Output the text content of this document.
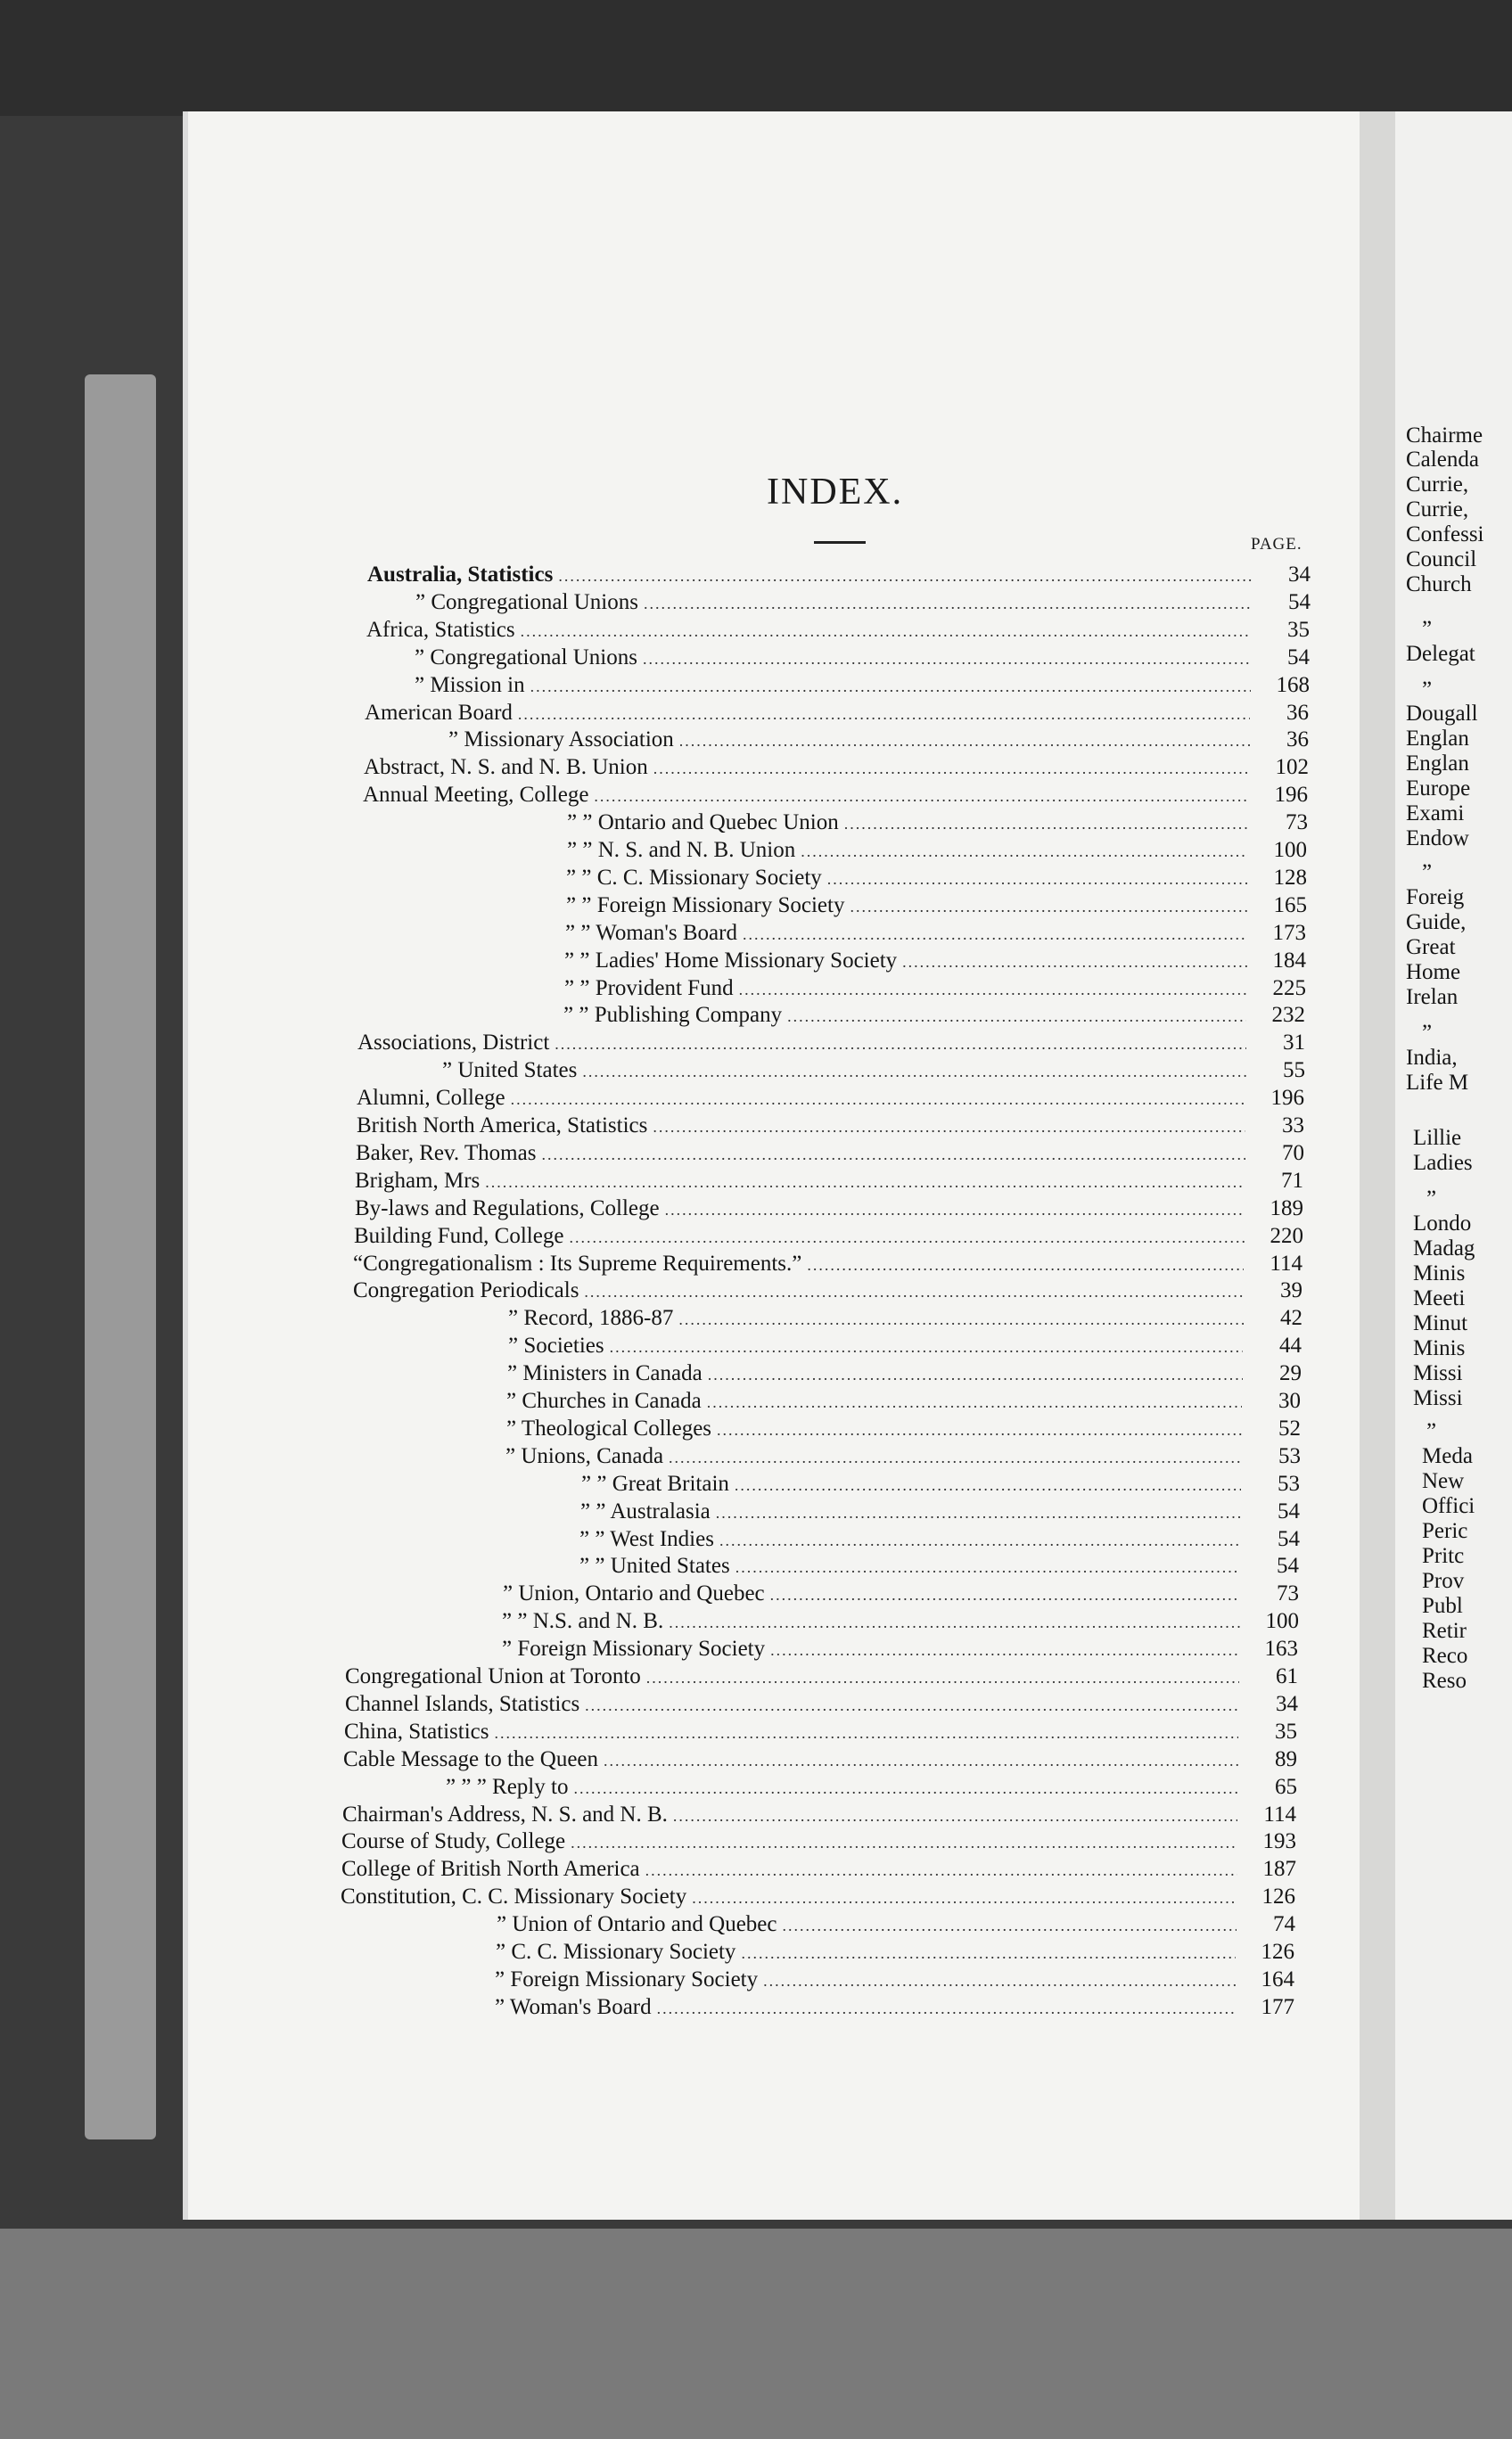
Chairme
Calenda
Currie,
Currie,
Confessi
Council
Church
”
Delegat
”
Dougall
Englan
Englan
Europe
Exami
Endow
”
Foreig
Guide,
Great
Home
Irelan
”
India,
Life M
Lillie
Ladies
”
Londo
Madag
Minis
Meeti
Minut
Minis
Missi
Missi
”
Meda
New
Offici
Peric
Pritc
Prov
Publ
Retir
Reco
Reso
INDEX.
PAGE.
Australia, Statistics .....	34
” Congregational Unions .....	54
Africa, Statistics .....	35
” Congregational Unions .....	54
” Mission in .....	168
American Board .....	36
” Missionary Association .....	36
Abstract, N. S. and N. B. Union .....	102
Annual Meeting, College .....	196
” ” Ontario and Quebec Union .....	73
” ” N. S. and N. B. Union .....	100
” ” C. C. Missionary Society .....	128
” ” Foreign Missionary Society .....	165
” ” Woman's Board .....	173
” ” Ladies' Home Missionary Society .....	184
” ” Provident Fund .....	225
” ” Publishing Company .....	232
Associations, District .....	31
” United States .....	55
Alumni, College .....	196
British North America, Statistics .....	33
Baker, Rev. Thomas .....	70
Brigham, Mrs .....	71
By-laws and Regulations, College .....	189
Building Fund, College .....	220
“Congregationalism : Its Supreme Requirements.” .....	114
Congregation Periodicals .....	39
” Record, 1886-87 .....	42
” Societies .....	44
” Ministers in Canada .....	29
” Churches in Canada .....	30
” Theological Colleges .....	52
” Unions, Canada .....	53
” ” Great Britain .....	53
” ” Australasia .....	54
” ” West Indies .....	54
” ” United States .....	54
” Union, Ontario and Quebec .....	73
” ” N.S. and N. B. .....	100
” Foreign Missionary Society .....	163
Congregational Union at Toronto .....	61
Channel Islands, Statistics .....	34
China, Statistics .....	35
Cable Message to the Queen .....	89
” ” ” Reply to .....	65
Chairman's Address, N. S. and N. B. .....	114
Course of Study, College .....	193
College of British North America .....	187
Constitution, C. C. Missionary Society .....	126
” Union of Ontario and Quebec .....	74
” C. C. Missionary Society .....	126
” Foreign Missionary Society .....	164
” Woman's Board .....	177
